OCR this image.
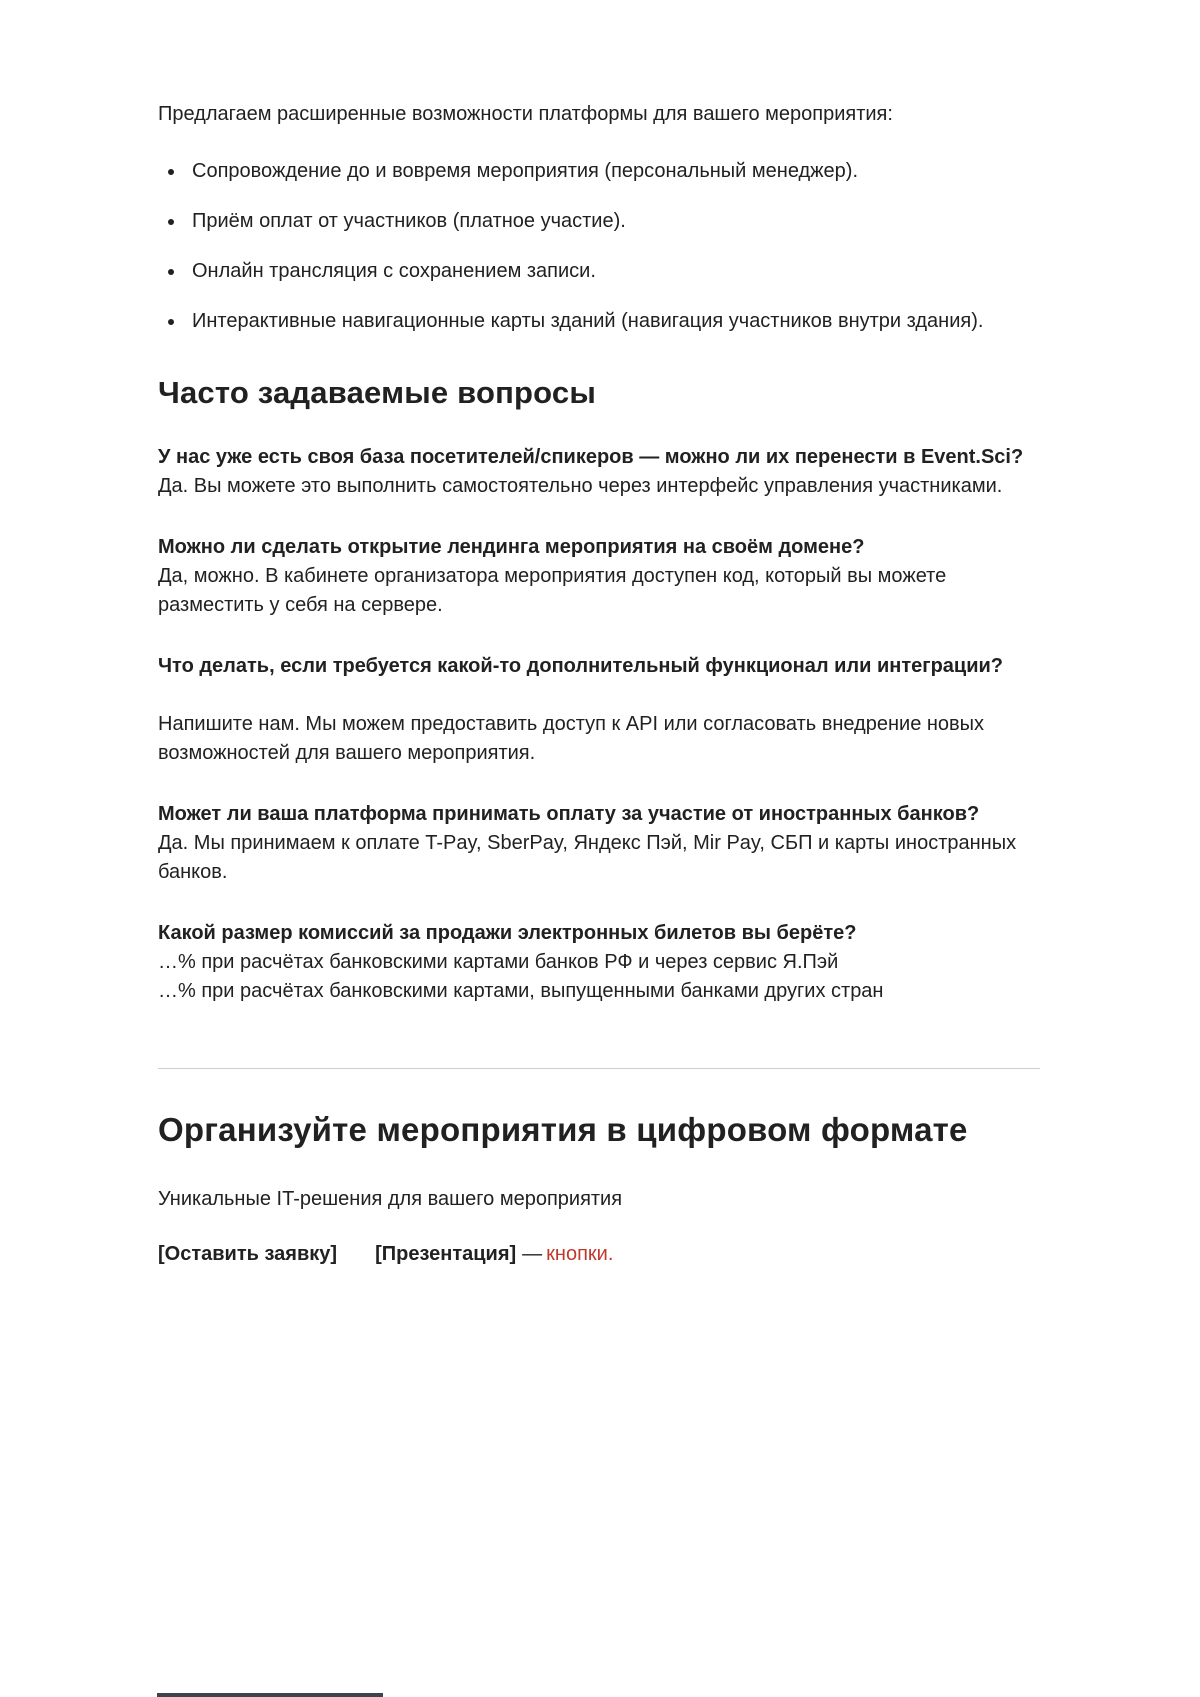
Предлагаем расширенные возможности платформы для вашего мероприятия:

• Сопровождение до и вовремя мероприятия (персональный менеджер).
• Приём оплат от участников (платное участие).
• Онлайн трансляция с сохранением записи.
• Интерактивные навигационные карты зданий (навигация участников внутри здания).
Часто задаваемые вопросы

У нас уже есть своя база посетителей/спикеров — можно ли их перенести в Event.Sci?

Да. Вы можете это выполнить самостоятельно через интерфейс управления участниками.

Можно ли сделать открытие лендинга мероприятия на своём домене?

Да, можно. В кабинете организатора мероприятия доступен код, который вы можете разместить у себя на сервере.

Что делать, если требуется какой-то дополнительный функционал или интеграции?

Напишите нам. Мы можем предоставить доступ к API или согласовать внедрение новых возможностей для вашего мероприятия.

Может ли ваша платформа принимать оплату за участие от иностранных банков?

Да. Мы принимаем к оплате T-Pay, SberPay, Яндекс Пэй, Mir Pay, СБП и карты иностранных банков.

Какой размер комиссий за продажи электронных билетов вы берёте?

…% при расчётах банковскими картами банков РФ и через сервис Я.Пэй

…% при расчётах банковскими картами, выпущенными банками других стран

Организуйте мероприятия в цифровом формате

Уникальные IT-решения для вашего мероприятия

[Оставить заявку] [Презентация] — кнопки.
